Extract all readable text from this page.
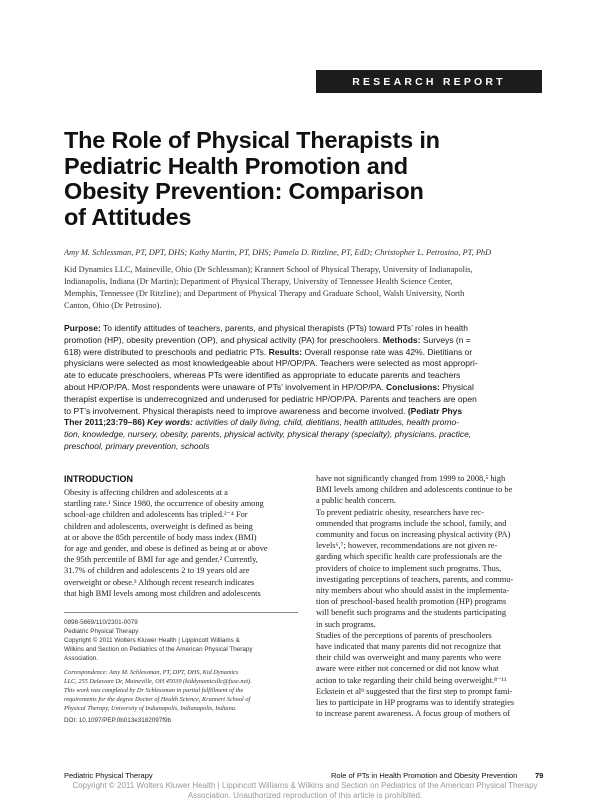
RESEARCH REPORT
The Role of Physical Therapists in
Pediatric Health Promotion and
Obesity Prevention: Comparison
of Attitudes
Amy M. Schlessman, PT, DPT, DHS; Kathy Martin, PT, DHS; Pamela D. Ritzline, PT, EdD; Christopher L. Petrosino, PT, PhD
Kid Dynamics LLC, Maineville, Ohio (Dr Schlessman); Krannert School of Physical Therapy, University of Indianapolis,
Indianapolis, Indiana (Dr Martin); Department of Physical Therapy, University of Tennessee Health Science Center,
Memphis, Tennessee (Dr Ritzline); and Department of Physical Therapy and Graduate School, Walsh University, North
Canton, Ohio (Dr Petrosino).
Purpose: To identify attitudes of teachers, parents, and physical therapists (PTs) toward PTs’ roles in health
promotion (HP), obesity prevention (OP), and physical activity (PA) for preschoolers. Methods: Surveys (n =
618) were distributed to preschools and pediatric PTs. Results: Overall response rate was 42%. Dietitians or
physicians were selected as most knowledgeable about HP/OP/PA. Teachers were selected as most appropri-
ate to educate preschoolers, whereas PTs were identified as appropriate to educate parents and teachers
about HP/OP/PA. Most respondents were unaware of PTs’ involvement in HP/OP/PA. Conclusions: Physical
therapist expertise is underrecognized and underused for pediatric HP/OP/PA. Parents and teachers are open
to PT’s involvement. Physical therapists need to improve awareness and become involved. (Pediatr Phys
Ther 2011;23:79–86) Key words: activities of daily living, child, dietitians, health attitudes, health promo-
tion, knowledge, nursery, obesity, parents, physical activity, physical therapy (specialty), physicians, practice,
preschool, primary prevention, schools
INTRODUCTION
Obesity is affecting children and adolescents at a
startling rate.¹ Since 1980, the occurrence of obesity among
school-age children and adolescents has tripled.²⁻⁴ For
children and adolescents, overweight is defined as being
at or above the 85th percentile of body mass index (BMI)
for age and gender, and obese is defined as being at or above
the 95th percentile of BMI for age and gender.² Currently,
31.7% of children and adolescents 2 to 19 years old are
overweight or obese.³ Although recent research indicates
that high BMI levels among most children and adolescents
have not significantly changed from 1999 to 2008,⁵ high
BMI levels among children and adolescents continue to be
a public health concern.
To prevent pediatric obesity, researchers have rec-
ommended that programs include the school, family, and
community and focus on increasing physical activity (PA)
levels⁶,⁷; however, recommendations are not given re-
garding which specific health care professionals are the
providers of choice to implement such programs. Thus,
investigating perceptions of teachers, parents, and commu-
nity members about who should assist in the implementa-
tion of preschool-based health promotion (HP) programs
will benefit such programs and the students participating
in such programs.
Studies of the perceptions of parents of preschoolers
have indicated that many parents did not recognize that
their child was overweight and many parents who were
aware were either not concerned or did not know what
action to take regarding their child being overweight.⁸⁻¹¹
Eckstein et al⁹ suggested that the first step to prompt fami-
lies to participate in HP programs was to identify strategies
to increase parent awareness. A focus group of mothers of
0898-5669/110/2301-0079
Pediatric Physical Therapy
Copyright © 2011 Wolters Kluwer Health | Lippincott Williams &
Wilkins and Section on Pediatrics of the American Physical Therapy
Association.
Correspondence: Amy M. Schlessman, PT, DPT, DHS, Kid Dynamics
LLC, 255 Delaware Dr, Maineville, OH 45039 (kiddynamicsllc@fuse.net).
This work was completed by Dr Schlessman in partial fulfillment of the
requirements for the degree Doctor of Health Science, Krannert School of
Physical Therapy, University of Indianapolis, Indianapolis, Indiana.
DOI: 10.1097/PEP.0b013e3182097f9b
Pediatric Physical Therapy	Role of PTs in Health Promotion and Obesity Prevention 79
Copyright © 2011 Wolters Kluwer Health | Lippincott Williams & Wilkins and Section on Pediatrics of the American Physical Therapy
Association. Unauthorized reproduction of this article is prohibited.
